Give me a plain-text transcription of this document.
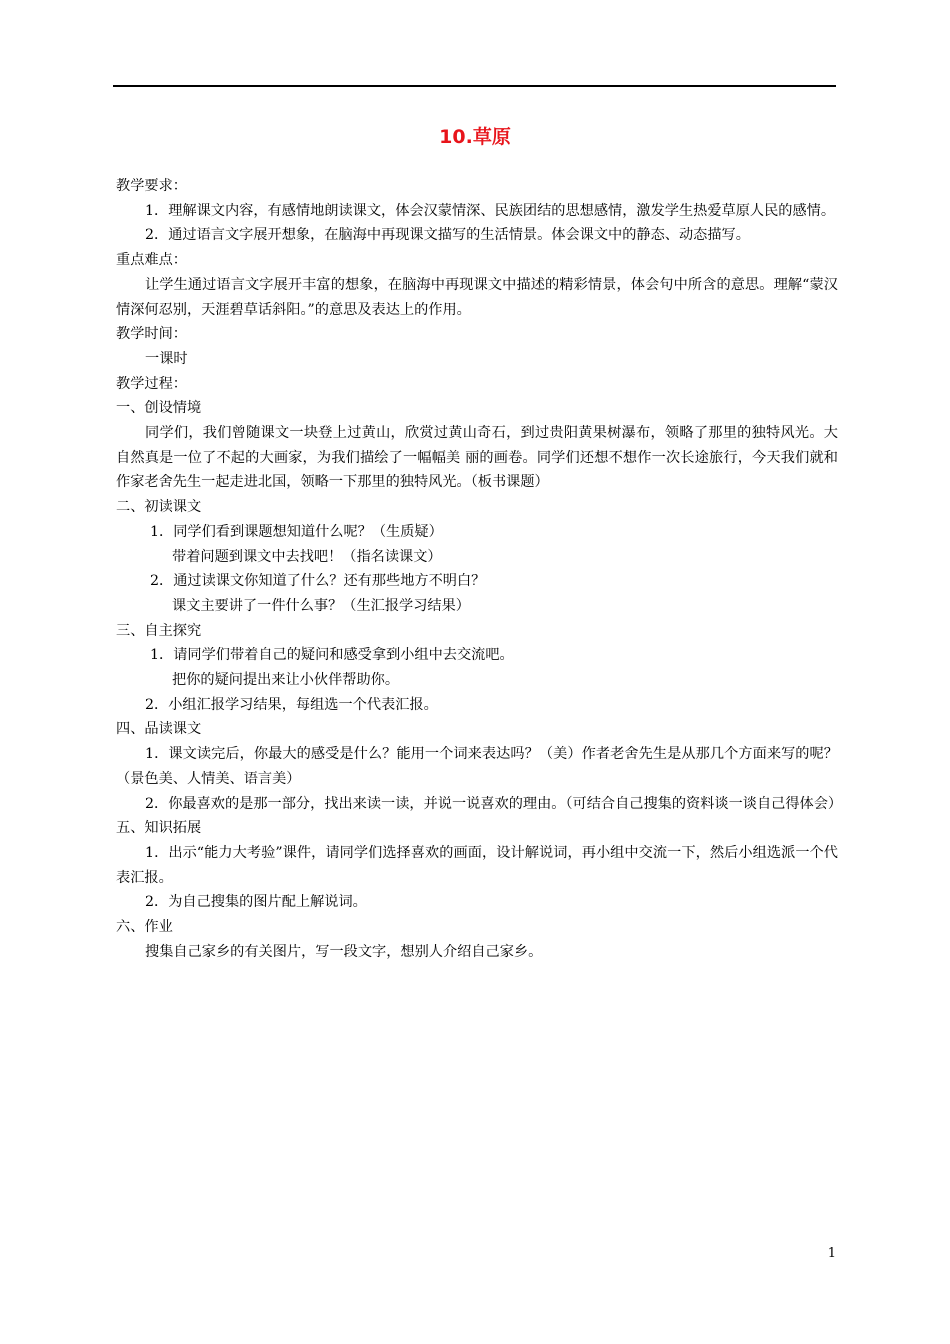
10.草原

教学要求：

1．理解课文内容，有感情地朗读课文，体会汉蒙情深、民族团结的思想感情，激发学生热爱草原人民的感情。

2．通过语言文字展开想象，在脑海中再现课文描写的生活情景。体会课文中的静态、动态描写。

重点难点：

让学生通过语言文字展开丰富的想象，在脑海中再现课文中描述的精彩情景，体会句中所含的意思。理解“蒙汉情深何忍别，天涯碧草话斜阳。”的意思及表达上的作用。

教学时间：

一课时

教学过程：

一、创设情境

同学们，我们曾随课文一块登上过黄山，欣赏过黄山奇石，到过贵阳黄果树瀑布，领略了那里的独特风光。大自然真是一位了不起的大画家，为我们描绘了一幅幅美 丽的画卷。同学们还想不想作一次长途旅行，今天我们就和作家老舍先生一起走进北国，领略一下那里的独特风光。（板书课题）

二、初读课文

1．同学们看到课题想知道什么呢？（生质疑）

带着问题到课文中去找吧！（指名读课文）

2．通过读课文你知道了什么？还有那些地方不明白？

课文主要讲了一件什么事？（生汇报学习结果）

三、自主探究

1．请同学们带着自己的疑问和感受拿到小组中去交流吧。

把你的疑问提出来让小伙伴帮助你。

2．小组汇报学习结果，每组选一个代表汇报。

四、品读课文

1．课文读完后，你最大的感受是什么？能用一个词来表达吗？（美）作者老舍先生是从那几个方面来写的呢？（景色美、人情美、语言美）

2．你最喜欢的是那一部分，找出来读一读，并说一说喜欢的理由。（可结合自己搜集的资料谈一谈自己得体会）

五、知识拓展

1．出示“能力大考验”课件，请同学们选择喜欢的画面，设计解说词，再小组中交流一下，然后小组选派一个代表汇报。

2．为自己搜集的图片配上解说词。

六、作业

搜集自己家乡的有关图片，写一段文字，想别人介绍自己家乡。

1
